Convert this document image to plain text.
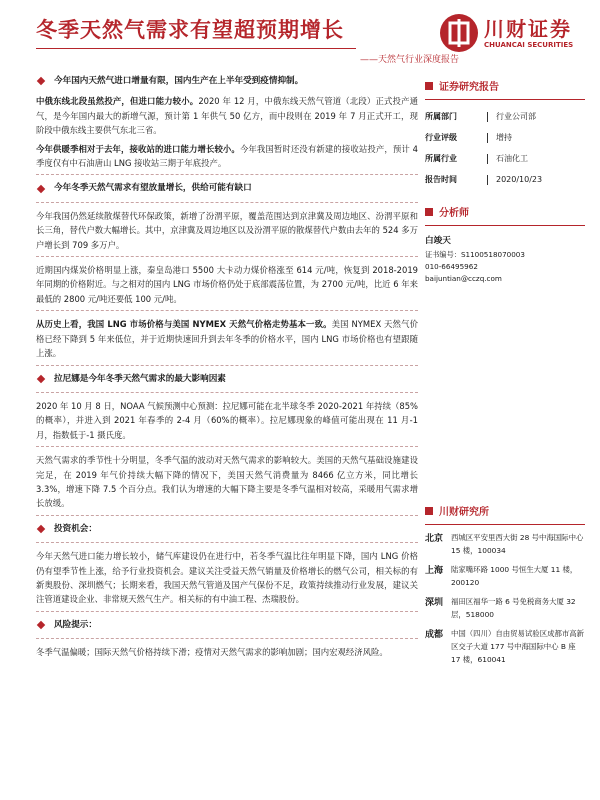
冬季天然气需求有望超预期增长
——天然气行业深度报告
川财证券
CHUANCAI SECURITIES
今年国内天然气进口增量有限，国内生产在上半年受到疫情抑制。

中俄东线北段虽然投产，但进口能力较小。2020 年 12 月，中俄东线天然气管道（北段）正式投产通气，是今年国内最大的新增气源，预计第 1 年供气 50 亿方，而中段则在 2019 年 7 月正式开工，现阶段中俄东线主要供气东北三省。

今年供暖季相对于去年，接收站的进口能力增长较小。今年我国暂时还没有新建的接收站投产，预计 4 季度仅有中石油唐山 LNG 接收站三期于年底投产。

今年冬季天然气需求有望放量增长，供给可能有缺口

今年我国仍然延续散煤替代环保政策，新增了汾渭平原，覆盖范围达到京津冀及周边地区、汾渭平原和长三角，替代户数大幅增长。其中，京津冀及周边地区以及汾渭平原的散煤替代户数由去年的 524 多万户增长到 709 多万户。

近期国内煤炭价格明显上涨，秦皇岛港口 5500 大卡动力煤价格涨至 614 元/吨，恢复到 2018-2019 年同期的价格附近。与之相对的国内 LNG 市场价格仍处于底部震荡位置，为 2700 元/吨，比近 6 年来最低的 2800 元/吨还要低 100 元/吨。

从历史上看，我国 LNG 市场价格与美国 NYMEX 天然气价格走势基本一致。美国 NYMEX 天然气价格已经下降到 5 年来低位，并于近期快速回升到去年冬季的价格水平，国内 LNG 市场价格也有望跟随上涨。

拉尼娜是今年冬季天然气需求的最大影响因素

2020 年 10 月 8 日，NOAA 气候预测中心预测：拉尼娜可能在北半球冬季 2020-2021 年持续（85%的概率），并进入到 2021 年春季的 2-4 月（60%的概率）。拉尼娜现象的峰值可能出现在 11 月-1 月，指数低于-1 摄氏度。

天然气需求的季节性十分明显，冬季气温的波动对天然气需求的影响较大。美国的天然气基础设施建设完足，在 2019 年气价持续大幅下降的情况下，美国天然气消费量为 8466 亿立方米，同比增长 3.3%，增速下降 7.5 个百分点。我们认为增速的大幅下降主要是冬季气温相对较高，采暖用气需求增长放缓。

投资机会：

今年天然气进口能力增长较小，储气库建设仍在进行中，若冬季气温比往年明显下降，国内 LNG 价格仍有望季节性上涨，给予行业投资机会。建议关注受益天然气销量及价格增长的燃气公司，相关标的有新奥股份、深圳燃气；长期来看，我国天然气管道及国产气保份不足，政策持续推动行业发展，建议关注管道建设企业、非常规天然气生产。相关标的有中油工程、杰瑞股份。

风险提示：

冬季气温偏暖；国际天然气价格持续下滑；疫情对天然气需求的影响加剧；国内宏观经济风险。

证券研究报告
所属部门	行业公司部
行业评级	增持
所属行业	石油化工
报告时间	2020/10/23
分析师
白竣天
证书编号：S1100518070003
010-66495962
baijuntian@cczq.com
川财研究所
北京	西城区平安里西大街 28 号中海国际中心 15 楼，100034
上海	陆家嘴环路 1000 号恒生大厦 11 楼，200120
深圳	福田区福华一路 6 号免税商务大厦 32 层，518000
成都	中国（四川）自由贸易试验区成都市高新区交子大道 177 号中海国际中心 B 座 17 楼，610041
